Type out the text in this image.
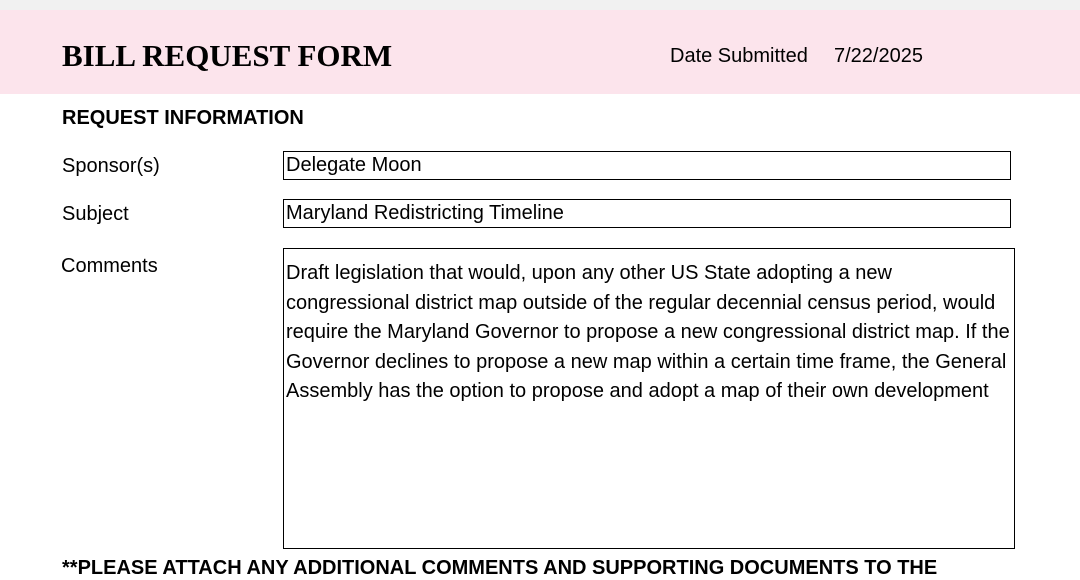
BILL REQUEST FORM	Date Submitted 7/22/2025
REQUEST INFORMATION
Sponsor(s)	Delegate Moon
Subject	Maryland Redistricting Timeline
Comments	Draft legislation that would, upon any other US State adopting a new congressional district map outside of the regular decennial census period, would require the Maryland Governor to propose a new congressional district map. If the Governor declines to propose a new map within a certain time frame, the General Assembly has the option to propose and adopt a map of their own development
**PLEASE ATTACH ANY ADDITIONAL COMMENTS AND SUPPORTING DOCUMENTS TO THE
